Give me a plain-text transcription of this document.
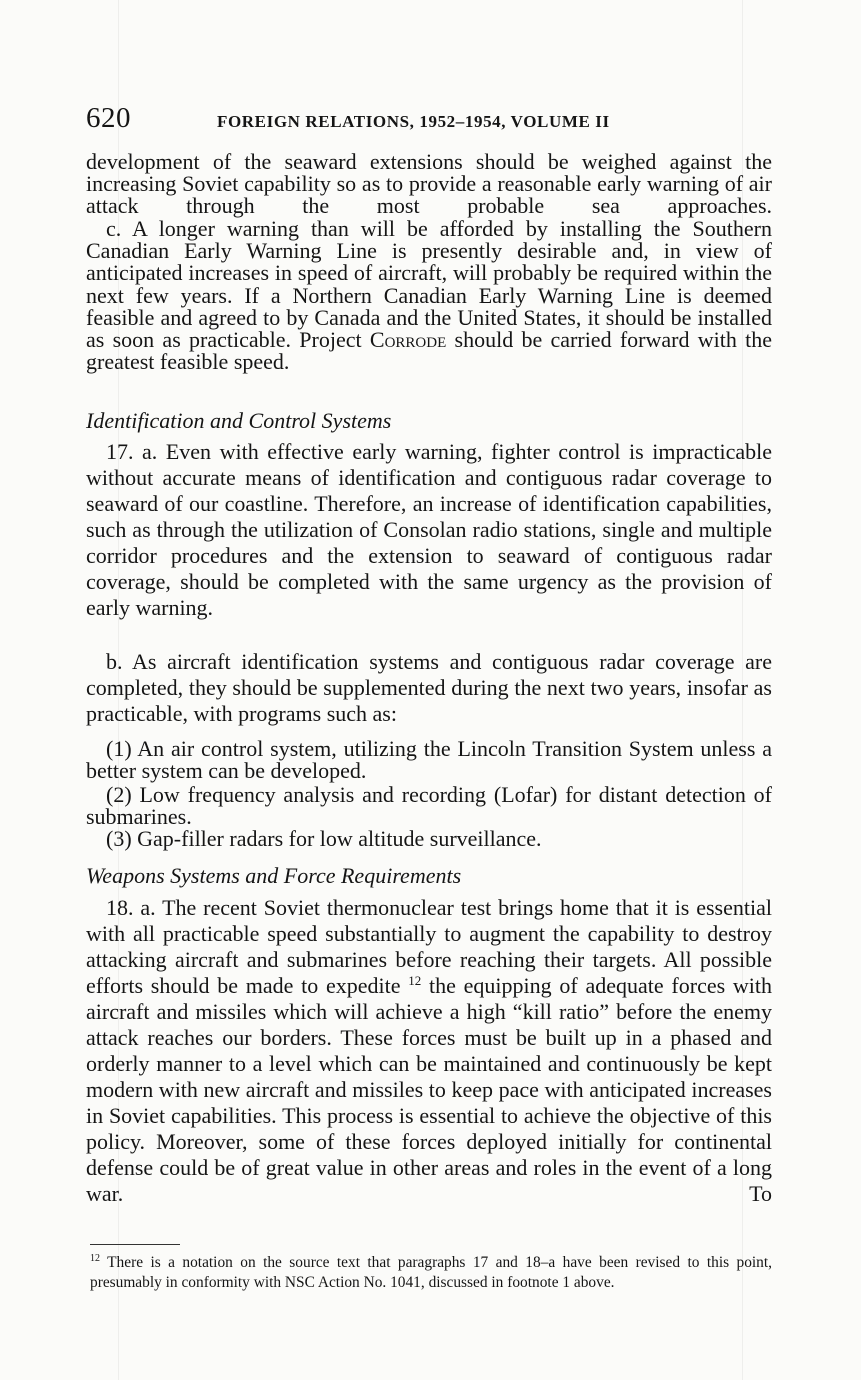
620	FOREIGN RELATIONS, 1952–1954, VOLUME II
development of the seaward extensions should be weighed against the increasing Soviet capability so as to provide a reasonable early warning of air attack through the most probable sea approaches.
c. A longer warning than will be afforded by installing the Southern Canadian Early Warning Line is presently desirable and, in view of anticipated increases in speed of aircraft, will probably be required within the next few years. If a Northern Canadian Early Warning Line is deemed feasible and agreed to by Canada and the United States, it should be installed as soon as practicable. Project Corrode should be carried forward with the greatest feasible speed.
Identification and Control Systems
17. a. Even with effective early warning, fighter control is impracticable without accurate means of identification and contiguous radar coverage to seaward of our coastline. Therefore, an increase of identification capabilities, such as through the utilization of Consolan radio stations, single and multiple corridor procedures and the extension to seaward of contiguous radar coverage, should be completed with the same urgency as the provision of early warning.
b. As aircraft identification systems and contiguous radar coverage are completed, they should be supplemented during the next two years, insofar as practicable, with programs such as:
(1) An air control system, utilizing the Lincoln Transition System unless a better system can be developed.
(2) Low frequency analysis and recording (Lofar) for distant detection of submarines.
(3) Gap-filler radars for low altitude surveillance.
Weapons Systems and Force Requirements
18. a. The recent Soviet thermonuclear test brings home that it is essential with all practicable speed substantially to augment the capability to destroy attacking aircraft and submarines before reaching their targets. All possible efforts should be made to expedite $^{12}$ the equipping of adequate forces with aircraft and missiles which will achieve a high “kill ratio” before the enemy attack reaches our borders. These forces must be built up in a phased and orderly manner to a level which can be maintained and continuously be kept modern with new aircraft and missiles to keep pace with anticipated increases in Soviet capabilities. This process is essential to achieve the objective of this policy. Moreover, some of these forces deployed initially for continental defense could be of great value in other areas and roles in the event of a long war. To
$^{12}$ There is a notation on the source text that paragraphs 17 and 18–a have been revised to this point, presumably in conformity with NSC Action No. 1041, discussed in footnote 1 above.
